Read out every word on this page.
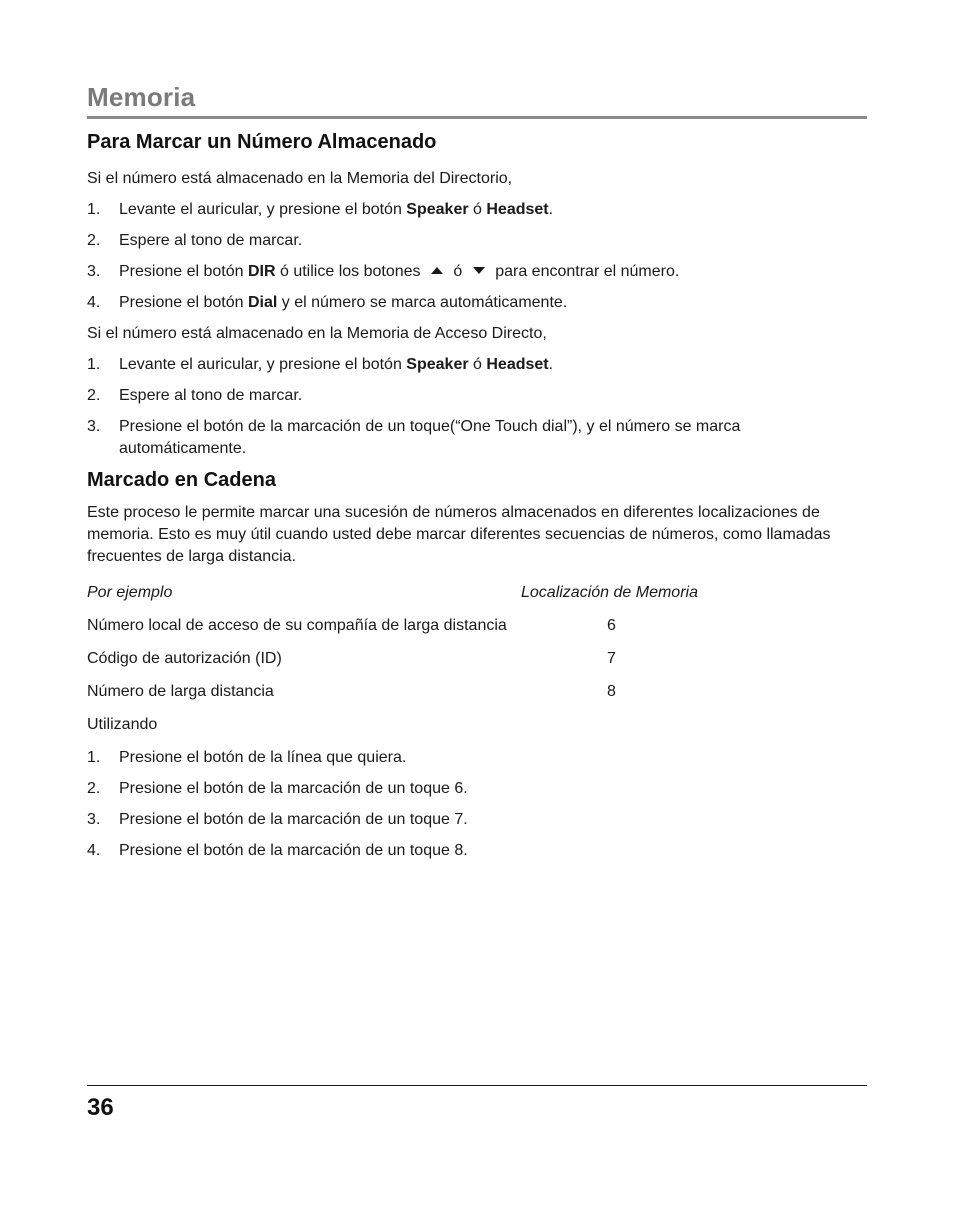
Memoria
Para Marcar un Número Almacenado

Si el número está almacenado en la Memoria del Directorio,

1. Levante el auricular, y presione el botón Speaker ó Headset.
2. Espere al tono de marcar.
3. Presione el botón DIR ó utilice los botones  ó  para encontrar el número.
4. Presione el botón Dial y el número se marca automáticamente.

Si el número está almacenado en la Memoria de Acceso Directo,

1. Levante el auricular, y presione el botón Speaker ó Headset.
2. Espere al tono de marcar.
3. Presione el botón de la marcación de un toque(“One Touch dial”), y el número se marca automáticamente.
Marcado en Cadena

Este proceso le permite marcar una sucesión de números almacenados en diferentes localizaciones de memoria. Esto es muy útil cuando usted debe marcar diferentes secuencias de números, como llamadas frecuentes de larga distancia.

Por ejemplo	Localización de Memoria
Número local de acceso de su compañía de larga distancia	6
Código de autorización (ID)	7
Número de larga distancia	8

Utilizando

1. Presione el botón de la línea que quiera.
2. Presione el botón de la marcación de un toque 6.
3. Presione el botón de la marcación de un toque 7.
4. Presione el botón de la marcación de un toque 8.
36
